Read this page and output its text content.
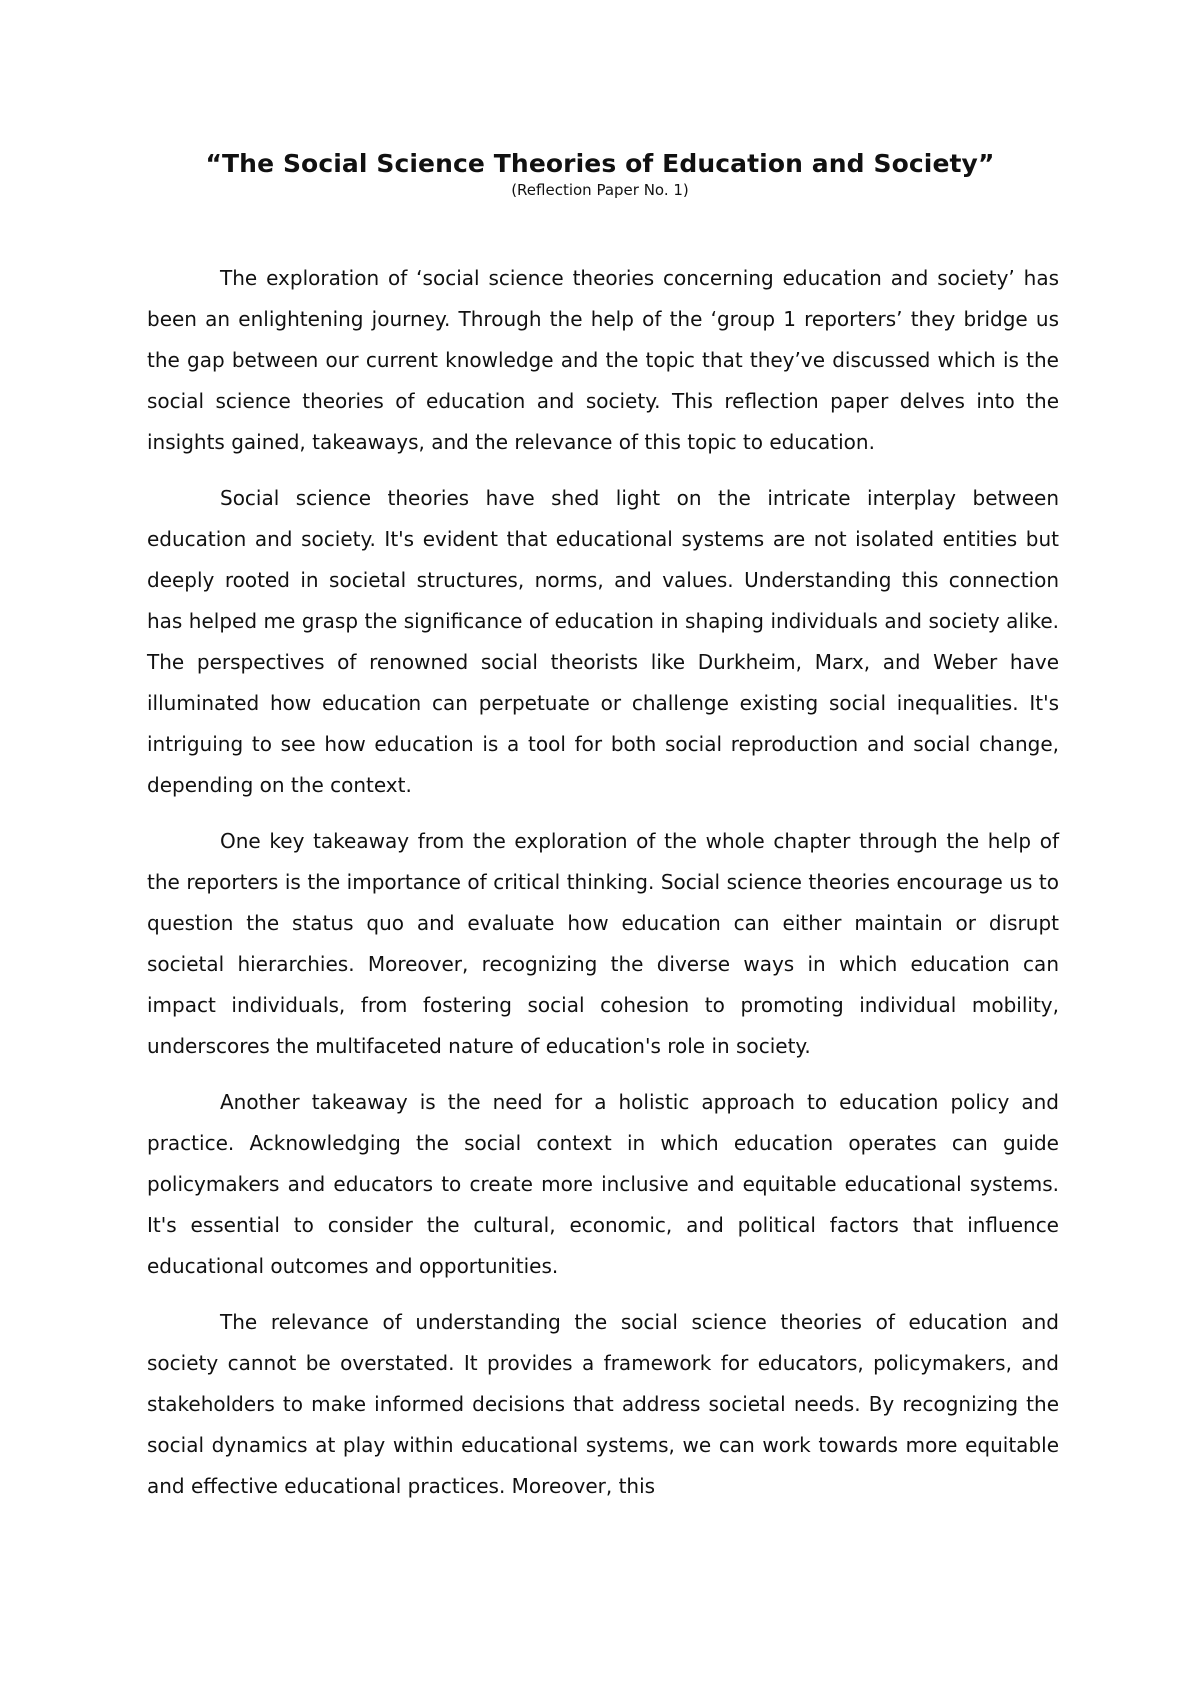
“The Social Science Theories of Education and Society”

(Reflection Paper No. 1)

The exploration of ‘social science theories concerning education and society’ has been an enlightening journey. Through the help of the ‘group 1 reporters’ they bridge us the gap between our current knowledge and the topic that they’ve discussed which is the social science theories of education and society. This reflection paper delves into the insights gained, takeaways, and the relevance of this topic to education.

Social science theories have shed light on the intricate interplay between education and society. It's evident that educational systems are not isolated entities but deeply rooted in societal structures, norms, and values. Understanding this connection has helped me grasp the significance of education in shaping individuals and society alike. The perspectives of renowned social theorists like Durkheim, Marx, and Weber have illuminated how education can perpetuate or challenge existing social inequalities. It's intriguing to see how education is a tool for both social reproduction and social change, depending on the context.

One key takeaway from the exploration of the whole chapter through the help of the reporters is the importance of critical thinking. Social science theories encourage us to question the status quo and evaluate how education can either maintain or disrupt societal hierarchies. Moreover, recognizing the diverse ways in which education can impact individuals, from fostering social cohesion to promoting individual mobility, underscores the multifaceted nature of education's role in society.

Another takeaway is the need for a holistic approach to education policy and practice. Acknowledging the social context in which education operates can guide policymakers and educators to create more inclusive and equitable educational systems. It's essential to consider the cultural, economic, and political factors that influence educational outcomes and opportunities.

The relevance of understanding the social science theories of education and society cannot be overstated. It provides a framework for educators, policymakers, and stakeholders to make informed decisions that address societal needs. By recognizing the social dynamics at play within educational systems, we can work towards more equitable and effective educational practices. Moreover, this
